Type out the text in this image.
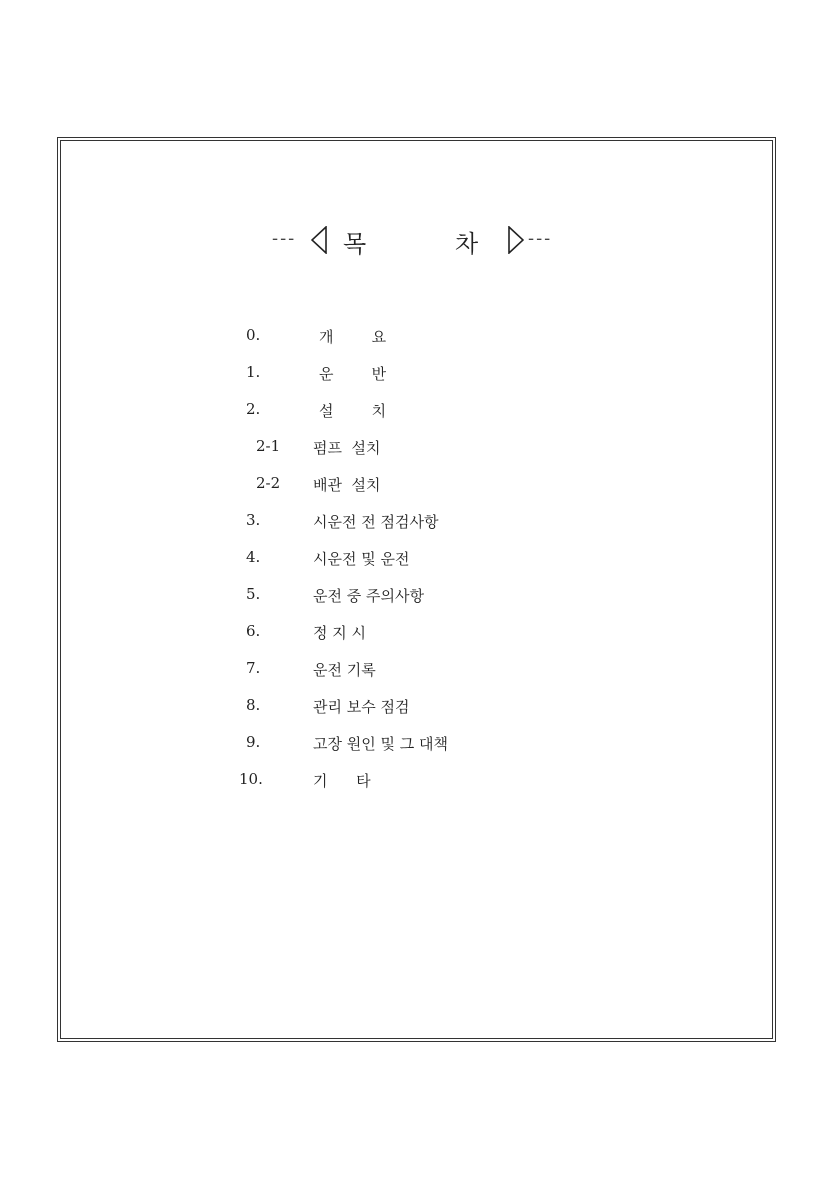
--- 목	차	---
0.	개        요
1.	운        반
2.	설        치
2-1 펌프  설치
2-2 배관  설치
3.	시운전 전 점검사항
4.	시운전 및 운전
5.	운전 중 주의사항
6.	정 지 시
7.	운전 기록
8.	관리 보수 점검
9.	고장 원인 및 그 대책
10.	기      타
